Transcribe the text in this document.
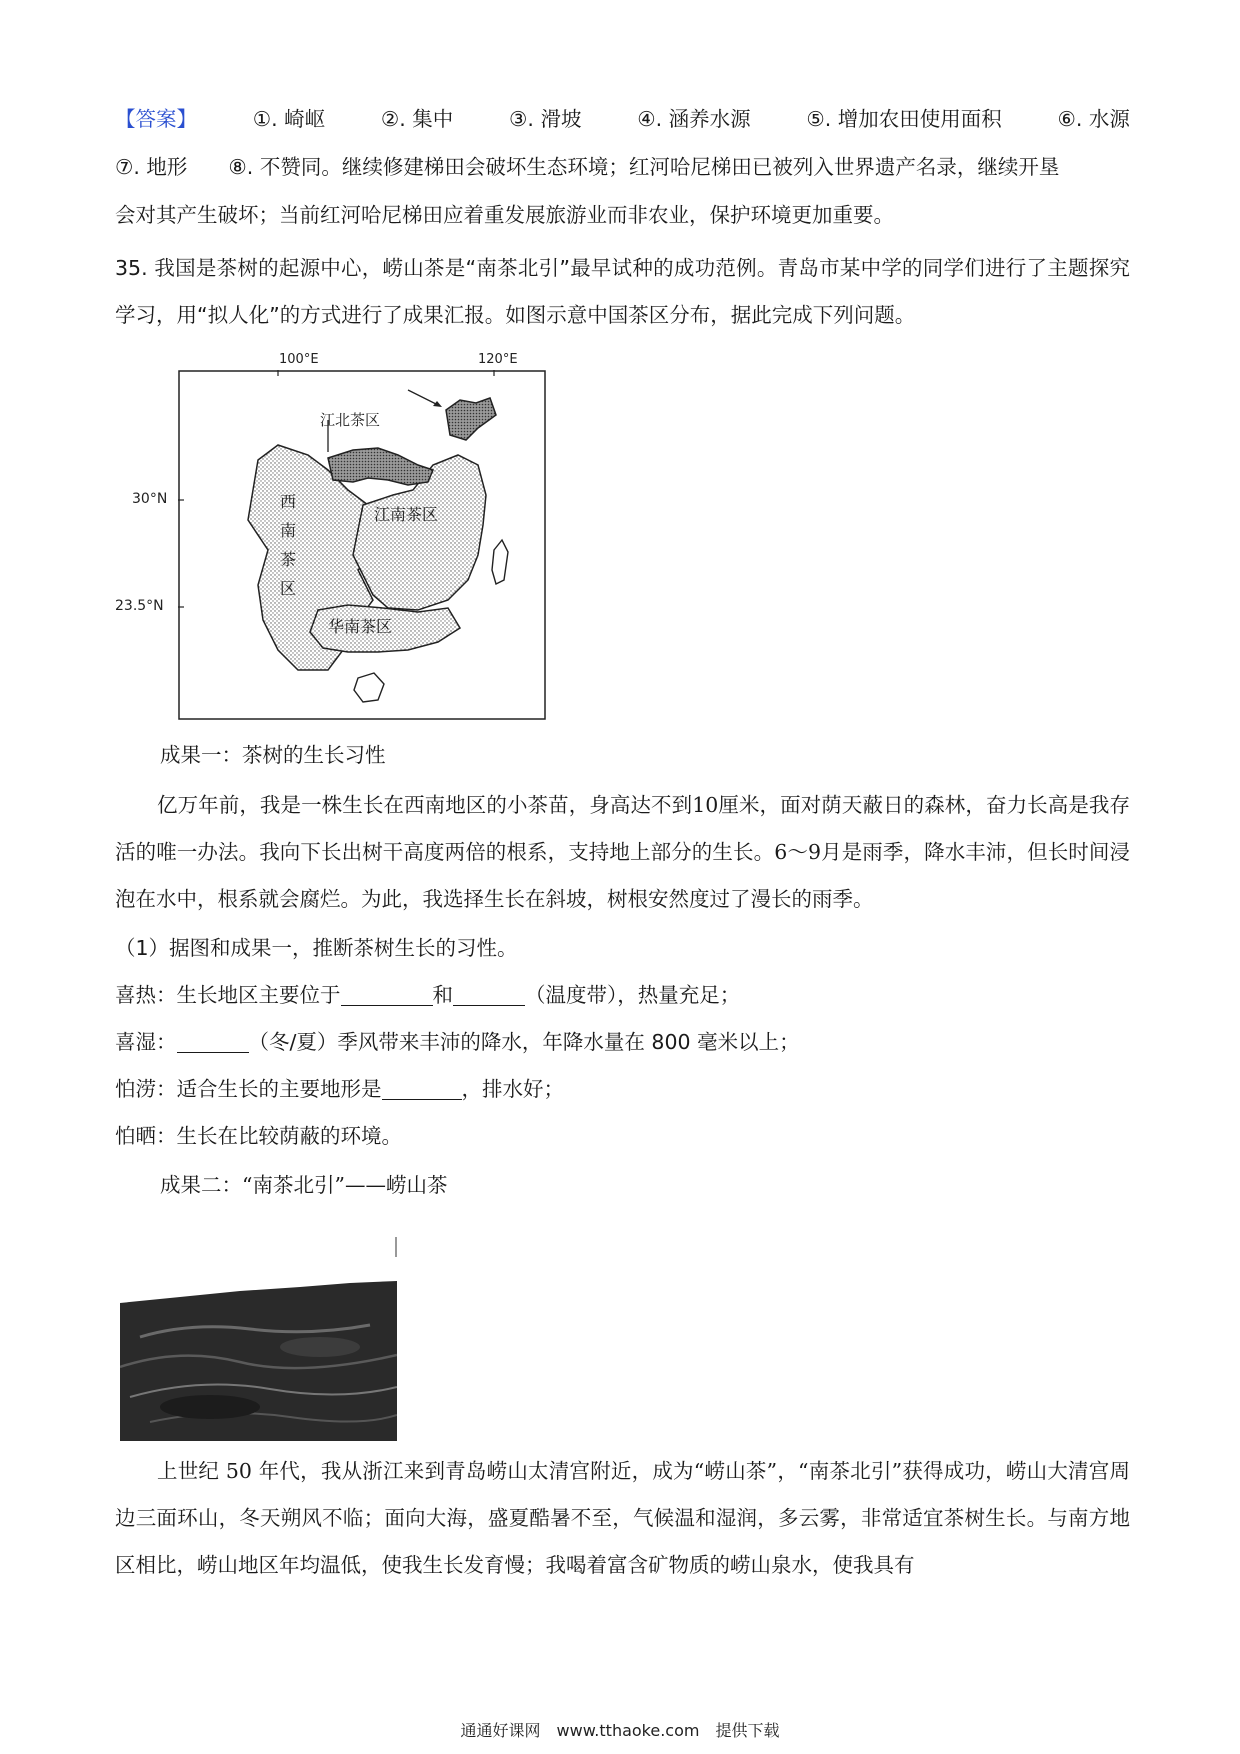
【答案】	①. 崎岖	②. 集中	③. 滑坡	④. 涵养水源	⑤. 增加农田使用面积	⑥. 水源
⑦. 地形　　⑧. 不赞同。继续修建梯田会破坏生态环境；红河哈尼梯田已被列入世界遗产名录，继续开垦
会对其产生破坏；当前红河哈尼梯田应着重发展旅游业而非农业，保护环境更加重要。
35. 我国是茶树的起源中心，崂山茶是“南茶北引”最早试种的成功范例。青岛市某中学的同学们进行了主题探究学习，用“拟人化”的方式进行了成果汇报。如图示意中国茶区分布，据此完成下列问题。
江北茶区
西
南
茶
区
江南茶区
华南茶区
100°E	120°E
30°N
23.5°N
成果一：茶树的生长习性
亿万年前，我是一株生长在西南地区的小茶苗，身高达不到10厘米，面对荫天蔽日的森林，奋力长高是我存活的唯一办法。我向下长出树干高度两倍的根系，支持地上部分的生长。6～9月是雨季，降水丰沛，但长时间浸泡在水中，根系就会腐烂。为此，我选择生长在斜坡，树根安然度过了漫长的雨季。
（1）据图和成果一，推断茶树生长的习性。
喜热：生长地区主要位于	和	（温度带），热量充足；
喜湿：	（冬/夏）季风带来丰沛的降水，年降水量在 800 毫米以上；
怕涝：适合生长的主要地形是	，排水好；
怕晒：生长在比较荫蔽的环境。
成果二：“南茶北引”——崂山茶
上世纪 50 年代，我从浙江来到青岛崂山太清宫附近，成为“崂山茶”，“南茶北引”获得成功，崂山大清宫周边三面环山，冬天朔风不临；面向大海，盛夏酷暑不至，气候温和湿润，多云雾，非常适宜茶树生长。与南方地区相比，崂山地区年均温低，使我生长发育慢；我喝着富含矿物质的崂山泉水，使我具有
通通好课网　www.tthaoke.com　提供下载
